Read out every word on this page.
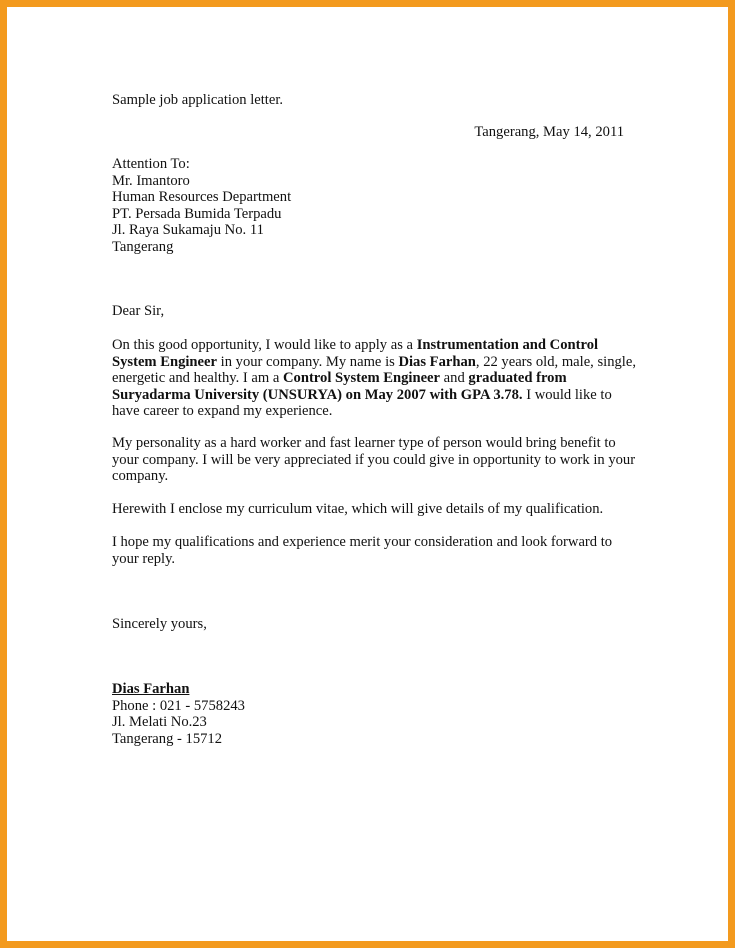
Sample job application letter.
Tangerang, May 14, 2011
Attention To:
Mr. Imantoro
Human Resources Department
PT. Persada Bumida Terpadu
Jl. Raya Sukamaju No. 11
Tangerang
Dear Sir,
On this good opportunity, I would like to apply as a Instrumentation and Control
System Engineer in your company. My name is Dias Farhan, 22 years old, male, single,
energetic and healthy. I am a Control System Engineer and graduated from
Suryadarma University (UNSURYA) on May 2007 with GPA 3.78. I would like to
have career to expand my experience.
My personality as a hard worker and fast learner type of person would bring benefit to
your company. I will be very appreciated if you could give in opportunity to work in your
company.
Herewith I enclose my curriculum vitae, which will give details of my qualification.
I hope my qualifications and experience merit your consideration and look forward to
your reply.
Sincerely yours,
Dias Farhan
Phone : 021 - 5758243
Jl. Melati No.23
Tangerang - 15712
